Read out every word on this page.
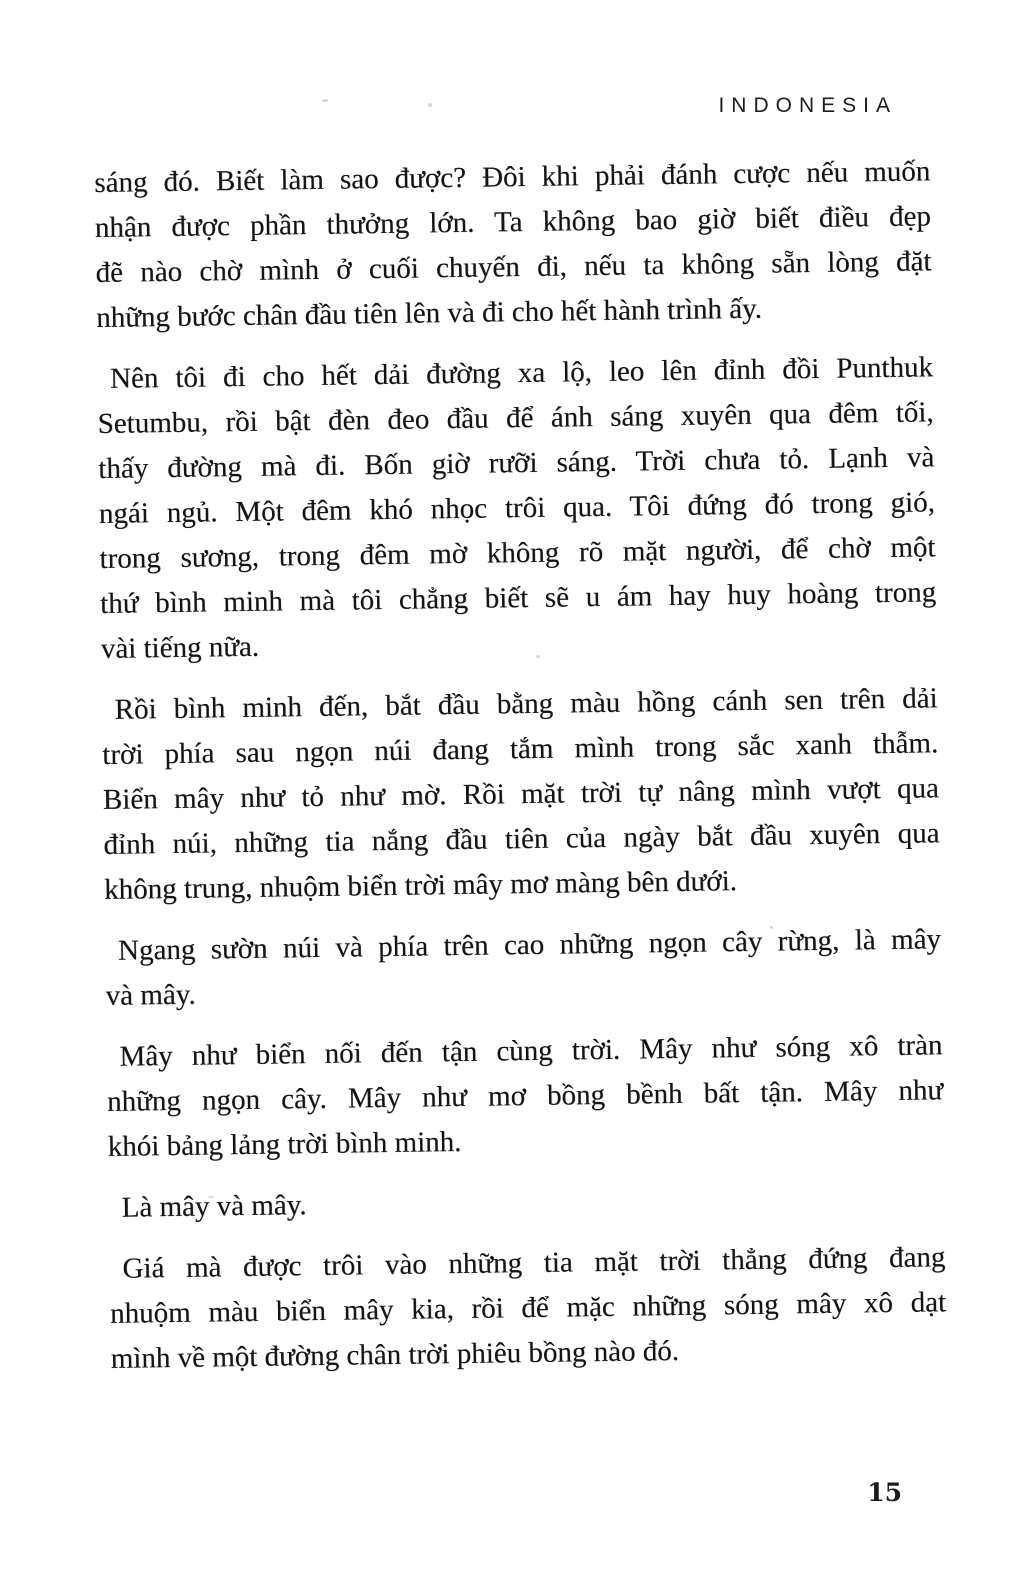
INDONESIA
sáng đó. Biết làm sao được? Đôi khi phải đánh cược nếu muốn
nhận được phần thưởng lớn. Ta không bao giờ biết điều đẹp
đẽ nào chờ mình ở cuối chuyến đi, nếu ta không sẵn lòng đặt
những bước chân đầu tiên lên và đi cho hết hành trình ấy.
Nên tôi đi cho hết dải đường xa lộ, leo lên đỉnh đồi Punthuk
Setumbu, rồi bật đèn đeo đầu để ánh sáng xuyên qua đêm tối,
thấy đường mà đi. Bốn giờ rưỡi sáng. Trời chưa tỏ. Lạnh và
ngái ngủ. Một đêm khó nhọc trôi qua. Tôi đứng đó trong gió,
trong sương, trong đêm mờ không rõ mặt người, để chờ một
thứ bình minh mà tôi chẳng biết sẽ u ám hay huy hoàng trong
vài tiếng nữa.
Rồi bình minh đến, bắt đầu bằng màu hồng cánh sen trên dải
trời phía sau ngọn núi đang tắm mình trong sắc xanh thẫm.
Biển mây như tỏ như mờ. Rồi mặt trời tự nâng mình vượt qua
đỉnh núi, những tia nắng đầu tiên của ngày bắt đầu xuyên qua
không trung, nhuộm biển trời mây mơ màng bên dưới.
Ngang sườn núi và phía trên cao những ngọn cây rừng, là mây
và mây.
Mây như biển nối đến tận cùng trời. Mây như sóng xô tràn
những ngọn cây. Mây như mơ bồng bềnh bất tận. Mây như
khói bảng lảng trời bình minh.
Là mây và mây.
Giá mà được trôi vào những tia mặt trời thẳng đứng đang
nhuộm màu biển mây kia, rồi để mặc những sóng mây xô dạt
mình về một đường chân trời phiêu bồng nào đó.
15
